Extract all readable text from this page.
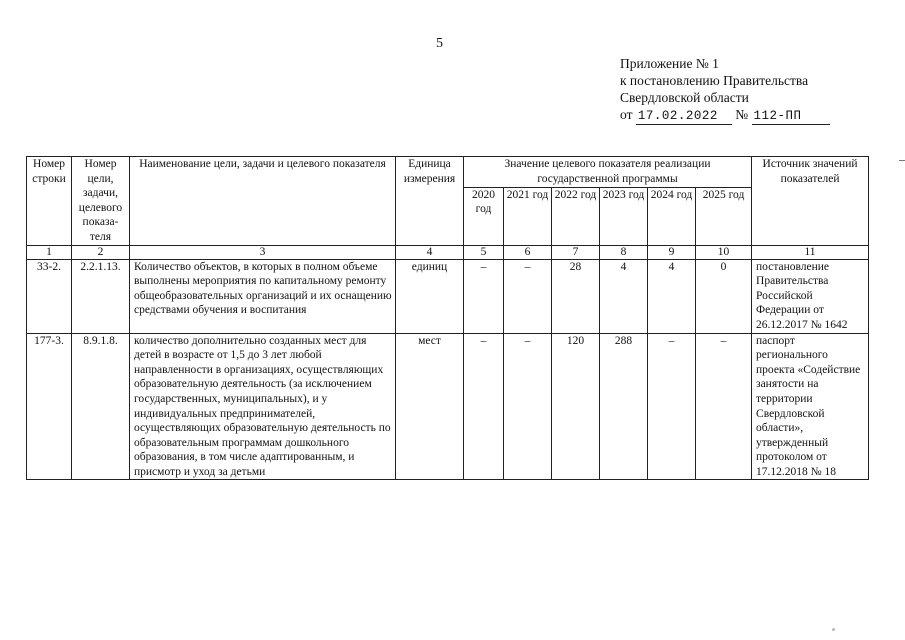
5
Приложение № 1
к постановлению Правительства
Свердловской области
от 17.02.2022 № 112-ПП
Номер строки	Номер цели, задачи, целевого показа-теля	Наименование цели, задачи и целевого показателя	Единица измерения	Значение целевого показателя реализации государственной программы						Источник значений показателей
				2020 год	2021 год	2022 год	2023 год	2024 год	2025 год	
1	2	3	4	5	6	7	8	9	10	11
33-2.	2.2.1.13.	Количество объектов, в которых в полном объеме выполнены мероприятия по капитальному ремонту общеобразовательных организаций и их оснащению средствами обучения и воспитания	единиц	–	–	28	4	4	0	постановление Правительства Российской Федерации от 26.12.2017 № 1642
177-3.	8.9.1.8.	количество дополнительно созданных мест для детей в возрасте от 1,5 до 3 лет любой направленности в организациях, осуществляющих образовательную деятельность (за исключением государственных, муниципальных), и у индивидуальных предпринимателей, осуществляющих образовательную деятельность по образовательным программам дошкольного образования, в том числе адаптированным, и присмотр и уход за детьми	мест	–	–	120	288	–	–	паспорт регионального проекта «Содействие занятости на территории Свердловской области», утвержденный протоколом от 17.12.2018 № 18
